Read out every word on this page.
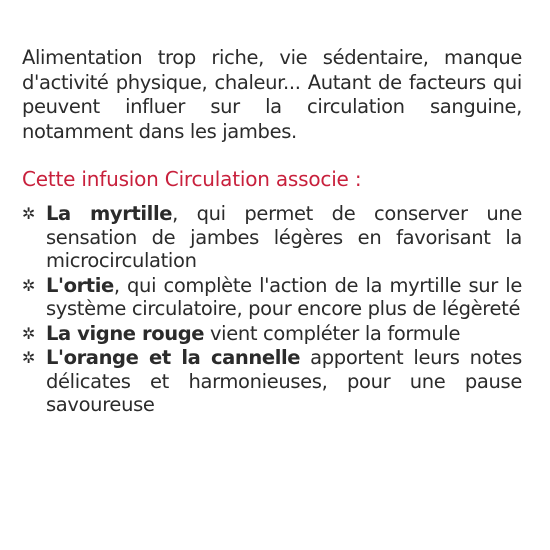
Alimentation trop riche, vie sédentaire, manque d'activité physique, chaleur... Autant de facteurs qui peuvent influer sur la circulation sanguine, notamment dans les jambes.

Cette infusion Circulation associe :
✲ La myrtille, qui permet de conserver une sensation de jambes légères en favorisant la microcirculation
✲ L'ortie, qui complète l'action de la myrtille sur le système circulatoire, pour encore plus de légèreté
✲ La vigne rouge vient compléter la formule
✲ L'orange et la cannelle apportent leurs notes délicates et harmonieuses, pour une pause savoureuse
